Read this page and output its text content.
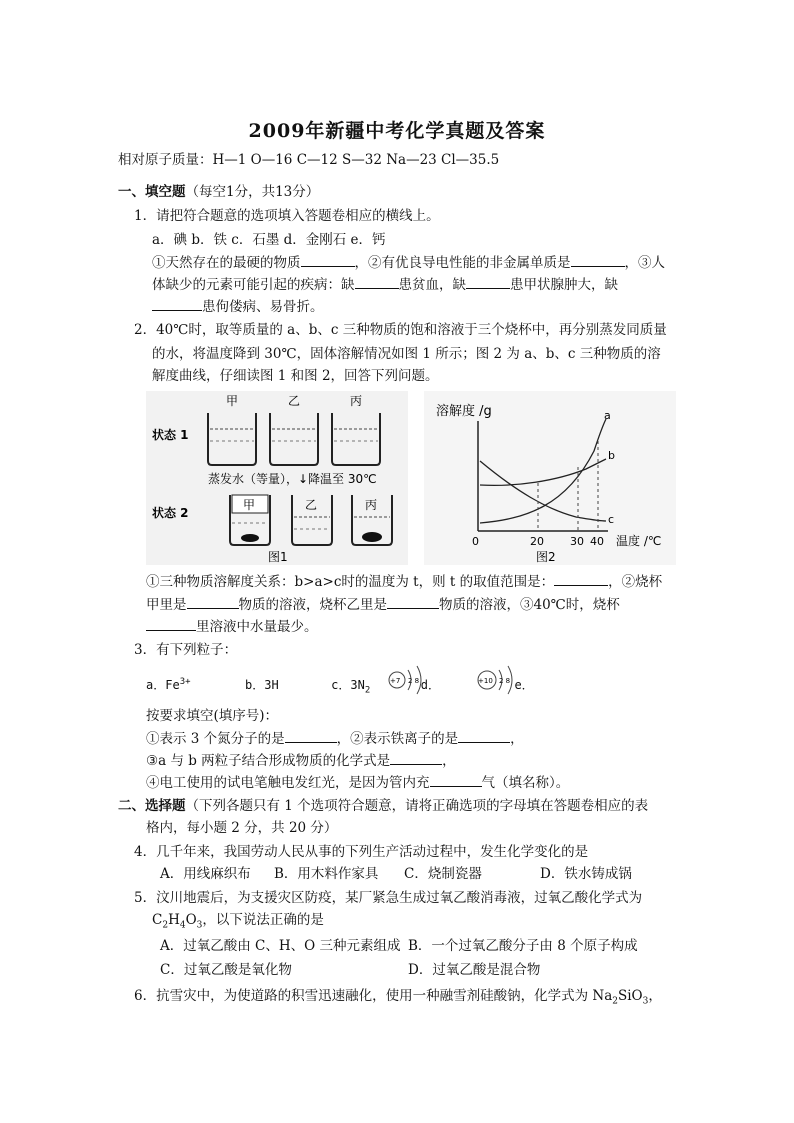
2009年新疆中考化学真题及答案
相对原子质量：H—1 O—16 C—12 S—32 Na—23 Cl—35.5
一、填空题（每空1分，共13分）
1．请把符合题意的选项填入答题卷相应的横线上。
a．碘 b．铁 c．石墨 d．金刚石 e．钙
①天然存在的最硬的物质	，②有优良导电性能的非金属单质是	，③人
体缺少的元素可能引起的疾病：缺	患贫血，缺	患甲状腺肿大，缺
患佝偻病、易骨折。
2．40℃时，取等质量的 a、b、c 三种物质的饱和溶液于三个烧杯中，再分别蒸发同质量
的水，将温度降到 30℃，固体溶解情况如图 1 所示；图 2 为 a、b、c 三种物质的溶
解度曲线，仔细读图 1 和图 2，回答下列问题。
状态 1
状态 2
甲	乙	丙
蒸发水（等量），↓降温至 30℃
甲	乙	丙
图1
溶解度 /g	a
b
c
0	20 30 40 温度 /℃
图2
①三种物质溶解度关系：b>a>c时的温度为 t，则 t 的取值范围是：	，②烧杯
甲里是	物质的溶液，烧杯乙里是	物质的溶液，③40℃时，烧杯
里溶液中水量最少。
3．有下列粒子：
a．$Fe^{3+}$	b．3H	c．$3N_2$	d．	e．
+7 2 8	+10 2 8
按要求填空(填序号)：
①表示 3 个氮分子的是	，②表示铁离子的是	，
③a 与 b 两粒子结合形成物质的化学式是	，
④电工使用的试电笔触电发红光，是因为管内充	气（填名称）。
二、选择题（下列各题只有 1 个选项符合题意，请将正确选项的字母填在答题卷相应的表
格内，每小题 2 分，共 20 分）
4．几千年来，我国劳动人民从事的下列生产活动过程中，发生化学变化的是
A．用线麻织布 B．用木料作家具 C．烧制瓷器	D．铁水铸成锅
5．汶川地震后，为支援灾区防疫，某厂紧急生成过氧乙酸消毒液，过氧乙酸化学式为
$C_2H_4O_3$，以下说法正确的是
A．过氧乙酸由 C、H、O 三种元素组成 B．一个过氧乙酸分子由 8 个原子构成
C．过氧乙酸是氧化物	D．过氧乙酸是混合物
6．抗雪灾中，为使道路的积雪迅速融化，使用一种融雪剂硅酸钠，化学式为 $Na_2SiO_3$，
